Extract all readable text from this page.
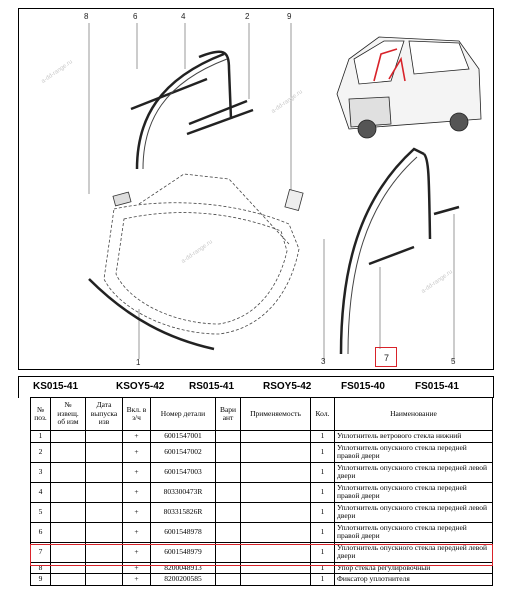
8	6	4	2	9
1	3	7	5
a-dd-range.ru
a-dd-range.ru
a-dd-range.ru
a-dd-range.ru
KS015-41	KSOY5-42 RS015-41	RSOY5-42	FS015-40	FS015-41
№ поз.	№ извещ. об изм	Дата выпуска изв	Вкл. в з/ч	Номер детали	Вари ант	Применяемость	Кол.	Наименование
1			+	6001547001			1	Уплотнитель ветрового стекла нижний
2			+	6001547002			1	Уплотнитель опускного стекла передней правой двери
3			+	6001547003			1	Уплотнитель опускного стекла передней левой двери
4			+	803300473R			1	Уплотнитель опускного стекла передней правой двери
5			+	803315826R			1	Уплотнитель опускного стекла передней левой двери
6			+	6001548978			1	Уплотнитель опускного стекла передней правой двери
7			+	6001548979			1	Уплотнитель опускного стекла передней левой двери
8			+	8200048913			1	Упор стекла регулировочный
9			+	8200200585			1	Фиксатор уплотнителя
